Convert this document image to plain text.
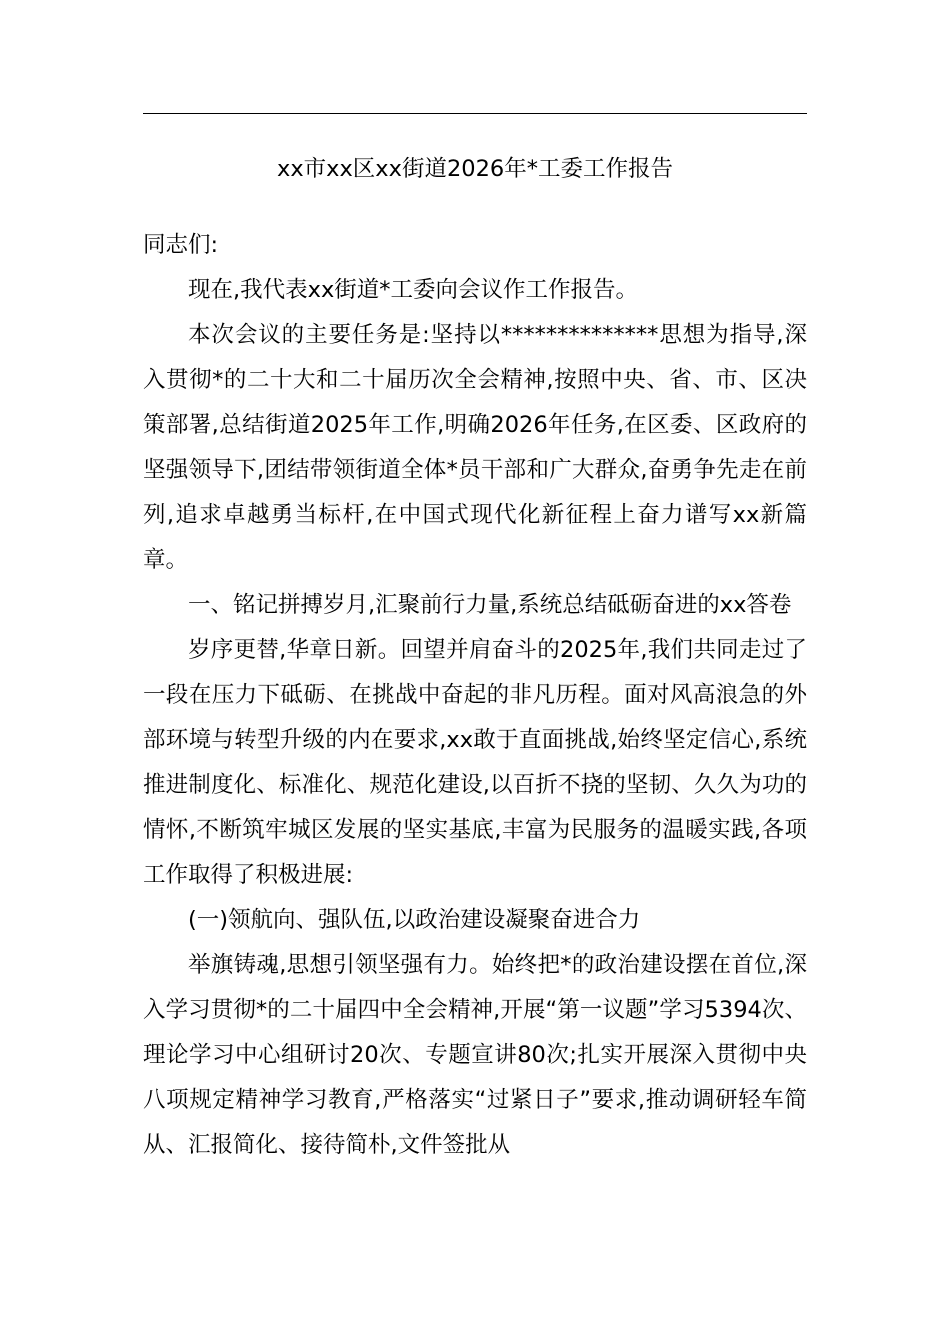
xx市xx区xx街道2026年*工委工作报告

同志们:

现在,我代表xx街道*工委向会议作工作报告。

本次会议的主要任务是:坚持以**************思想为指导,深入贯彻*的二十大和二十届历次全会精神,按照中央、省、市、区决策部署,总结街道2025年工作,明确2026年任务,在区委、区政府的坚强领导下,团结带领街道全体*员干部和广大群众,奋勇争先走在前列,追求卓越勇当标杆,在中国式现代化新征程上奋力谱写xx新篇章。

一、铭记拼搏岁月,汇聚前行力量,系统总结砥砺奋进的xx答卷

岁序更替,华章日新。回望并肩奋斗的2025年,我们共同走过了一段在压力下砥砺、在挑战中奋起的非凡历程。面对风高浪急的外部环境与转型升级的内在要求,xx敢于直面挑战,始终坚定信心,系统推进制度化、标准化、规范化建设,以百折不挠的坚韧、久久为功的情怀,不断筑牢城区发展的坚实基底,丰富为民服务的温暖实践,各项工作取得了积极进展:

(一)领航向、强队伍,以政治建设凝聚奋进合力

举旗铸魂,思想引领坚强有力。始终把*的政治建设摆在首位,深入学习贯彻*的二十届四中全会精神,开展“第一议题”学习5394次、理论学习中心组研讨20次、专题宣讲80次;扎实开展深入贯彻中央八项规定精神学习教育,严格落实“过紧日子”要求,推动调研轻车简从、汇报简化、接待简朴,文件签批从
